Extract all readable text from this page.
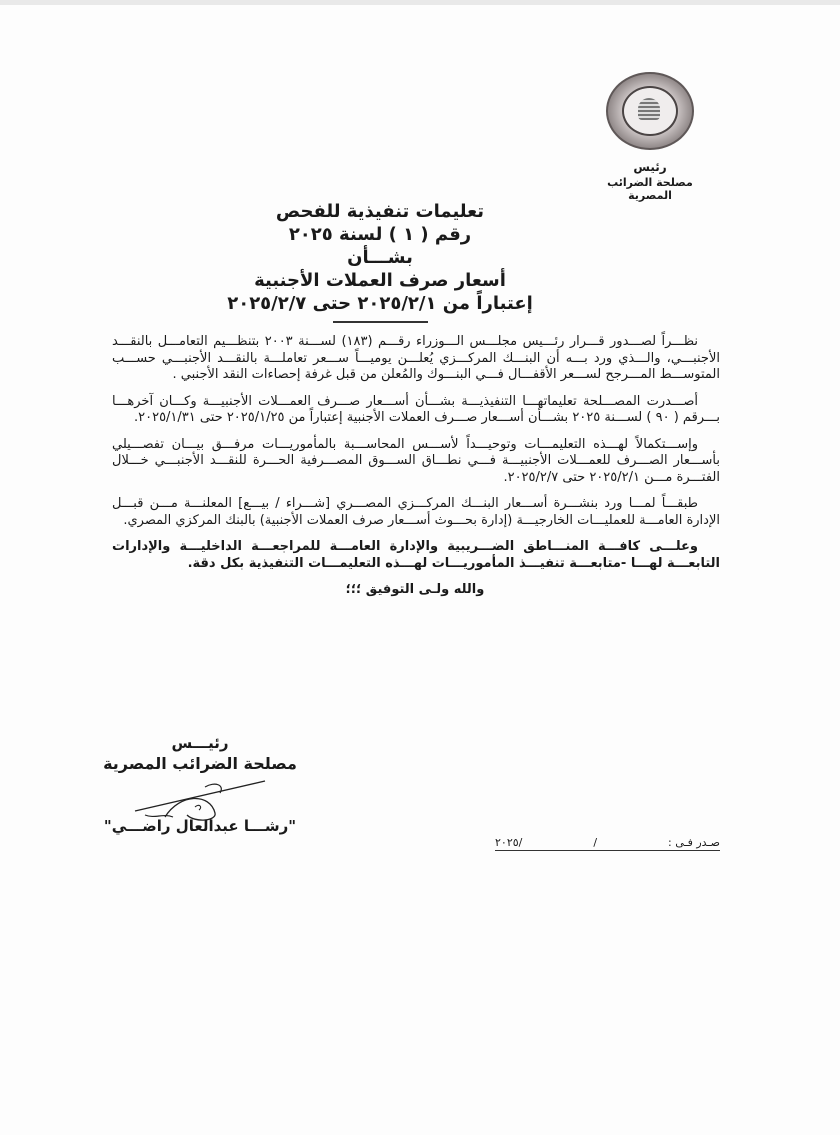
رئيس
مصلحة الضرائب المصرية
تعليمات تنفيذية للفحص
رقم ( ١ ) لسنة ٢٠٢٥
بشـــأن
أسعار صرف العملات الأجنبية
إعتباراً من ٢٠٢٥/٢/١ حتى ٢٠٢٥/٢/٧

نظـــراً لصـــدور قـــرار رئـــيس مجلـــس الـــوزراء رقـــم (١٨٣) لســـنة ٢٠٠٣ بتنظـــيم التعامـــل بالنقـــد الأجنبـــي، والـــذي ورد بـــه أن البنـــك المركـــزي يُعلـــن يوميـــاً ســـعر تعاملـــة بالنقـــد الأجنبـــي حســـب المتوســـط المـــرجح لســـعر الأقفـــال فـــي البنـــوك والمُعلن من قبل غرفة إحصاءات النقد الأجنبي .

أصـــدرت المصـــلحة تعليماتهـــا التنفيذيـــة بشـــأن أســـعار صـــرف العمـــلات الأجنبيـــة وكـــان آخرهـــا بـــرقم ( ٩٠ ) لســـنة ٢٠٢٥ بشـــأن أســـعار صـــرف العملات الأجنبية إعتباراً من ٢٠٢٥/١/٢٥ حتى ٢٠٢٥/١/٣١.

وإســـتكمالاً لهـــذه التعليمـــات وتوحيـــداً لأســـس المحاســـبة بالمأموريـــات مرفـــق بيـــان تفصـــيلي بأســـعار الصـــرف للعمـــلات الأجنبيـــة فـــي نطـــاق الســـوق المصـــرفية الحـــرة للنقـــد الأجنبـــي خـــلال الفتـــرة مـــن ٢٠٢٥/٢/١ حتى ٢٠٢٥/٢/٧.

طبقـــاً لمـــا ورد بنشـــرة أســـعار البنـــك المركـــزي المصـــري [شـــراء / بيـــع] المعلنـــة مـــن قبـــل الإدارة العامـــة للعمليـــات الخارجيـــة (إدارة بحـــوث أســـعار صرف العملات الأجنبية) بالبنك المركزي المصري.

وعلـــى كافـــة المنـــاطق الضـــريبية والإدارة العامـــة للمراجعـــة الداخليـــة والإدارات التابعـــة لهـــا -متابعـــة تنفيـــذ المأموريـــات لهـــذه التعليمـــات التنفيذية بكل دقة.

والله ولـى التوفيق ؛؛؛
رئيـــس
مصلحة الضرائب المصرية
"رشـــا عبدالعال راضـــي"
صـدر فـى :
/
/٢٠٢٥
